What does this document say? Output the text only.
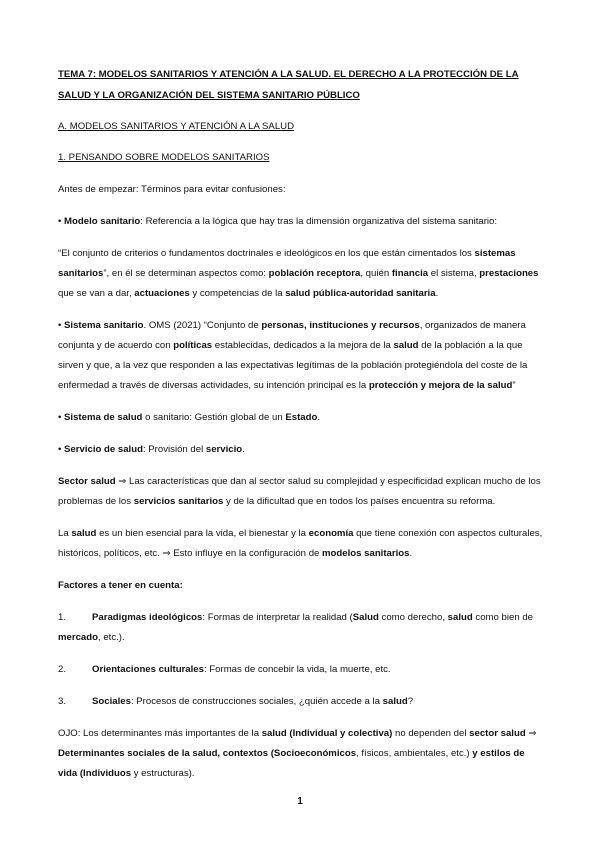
TEMA 7: MODELOS SANITARIOS Y ATENCIÓN A LA SALUD. EL DERECHO A LA PROTECCIÓN DE LA SALUD Y LA ORGANIZACIÓN DEL SISTEMA SANITARIO PÚBLICO

A. MODELOS SANITARIOS Y ATENCIÓN A LA SALUD

1. PENSANDO SOBRE MODELOS SANITARIOS

Antes de empezar: Términos para evitar confusiones:

• Modelo sanitario: Referencia a la lógica que hay tras la dimensión organizativa del sistema sanitario:

“El conjunto de criterios o fundamentos doctrinales e ideológicos en los que están cimentados los sistemas sanitarios”, en él se determinan aspectos como: población receptora, quién financia el sistema, prestaciones que se van a dar, actuaciones y competencias de la salud pública-autoridad sanitaria.

• Sistema sanitario. OMS (2021) “Conjunto de personas, instituciones y recursos, organizados de manera conjunta y de acuerdo con políticas establecidas, dedicados a la mejora de la salud de la población a la que sirven y que, a la vez que responden a las expectativas legítimas de la población protegiéndola del coste de la enfermedad a través de diversas actividades, su intención principal es la protección y mejora de la salud”

• Sistema de salud o sanitario: Gestión global de un Estado.

• Servicio de salud: Provisión del servicio.

Sector salud ⇒ Las características que dan al sector salud su complejidad y especificidad explican mucho de los problemas de los servicios sanitarios y de la dificultad que en todos los países encuentra su reforma.

La salud es un bien esencial para la vida, el bienestar y la economía que tiene conexión con aspectos culturales, históricos, políticos, etc. ⇒ Esto influye en la configuración de modelos sanitarios.

Factores a tener en cuenta:

1.	Paradigmas ideológicos: Formas de interpretar la realidad (Salud como derecho, salud como bien de mercado, etc.).

2.	Orientaciones culturales: Formas de concebir la vida, la muerte, etc.

3.	Sociales: Procesos de construcciones sociales, ¿quién accede a la salud?

OJO: Los determinantes más importantes de la salud (Individual y colectiva) no dependen del sector salud ⇒ Determinantes sociales de la salud, contextos (Socioeconómicos, físicos, ambientales, etc.) y estilos de vida (Individuos y estructuras).

1
